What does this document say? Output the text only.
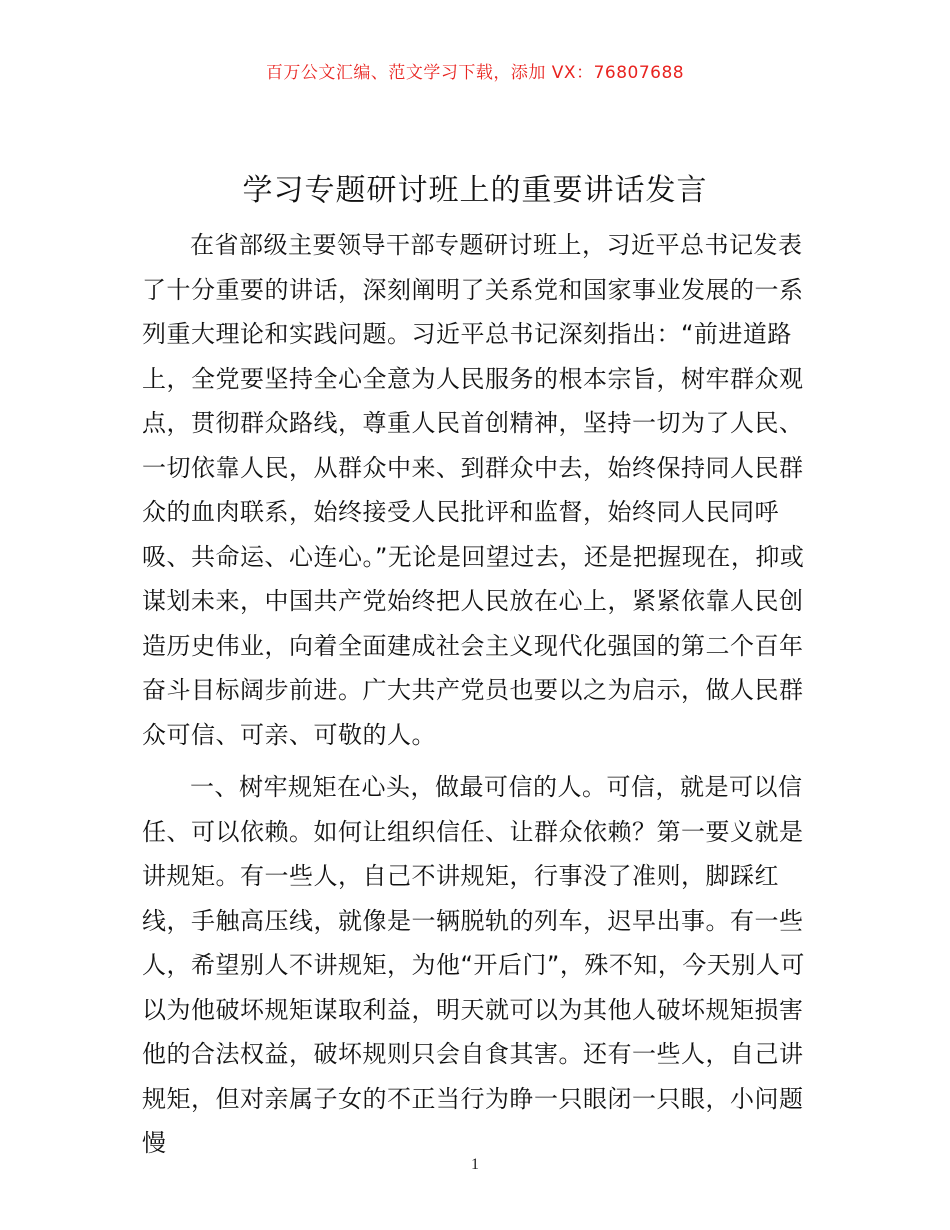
百万公文汇编、范文学习下载，添加 VX：76807688
学习专题研讨班上的重要讲话发言

在省部级主要领导干部专题研讨班上，习近平总书记发表了十分重要的讲话，深刻阐明了关系党和国家事业发展的一系列重大理论和实践问题。习近平总书记深刻指出：“前进道路上，全党要坚持全心全意为人民服务的根本宗旨，树牢群众观点，贯彻群众路线，尊重人民首创精神，坚持一切为了人民、一切依靠人民，从群众中来、到群众中去，始终保持同人民群众的血肉联系，始终接受人民批评和监督，始终同人民同呼吸、共命运、心连心。”无论是回望过去，还是把握现在，抑或谋划未来，中国共产党始终把人民放在心上，紧紧依靠人民创造历史伟业，向着全面建成社会主义现代化强国的第二个百年奋斗目标阔步前进。广大共产党员也要以之为启示，做人民群众可信、可亲、可敬的人。

一、树牢规矩在心头，做最可信的人。可信，就是可以信任、可以依赖。如何让组织信任、让群众依赖？第一要义就是讲规矩。有一些人，自己不讲规矩，行事没了准则，脚踩红线，手触高压线，就像是一辆脱轨的列车，迟早出事。有一些人，希望别人不讲规矩，为他“开后门”，殊不知，今天别人可以为他破坏规矩谋取利益，明天就可以为其他人破坏规矩损害他的合法权益，破坏规则只会自食其害。还有一些人，自己讲规矩，但对亲属子女的不正当行为睁一只眼闭一只眼，小问题慢

1
